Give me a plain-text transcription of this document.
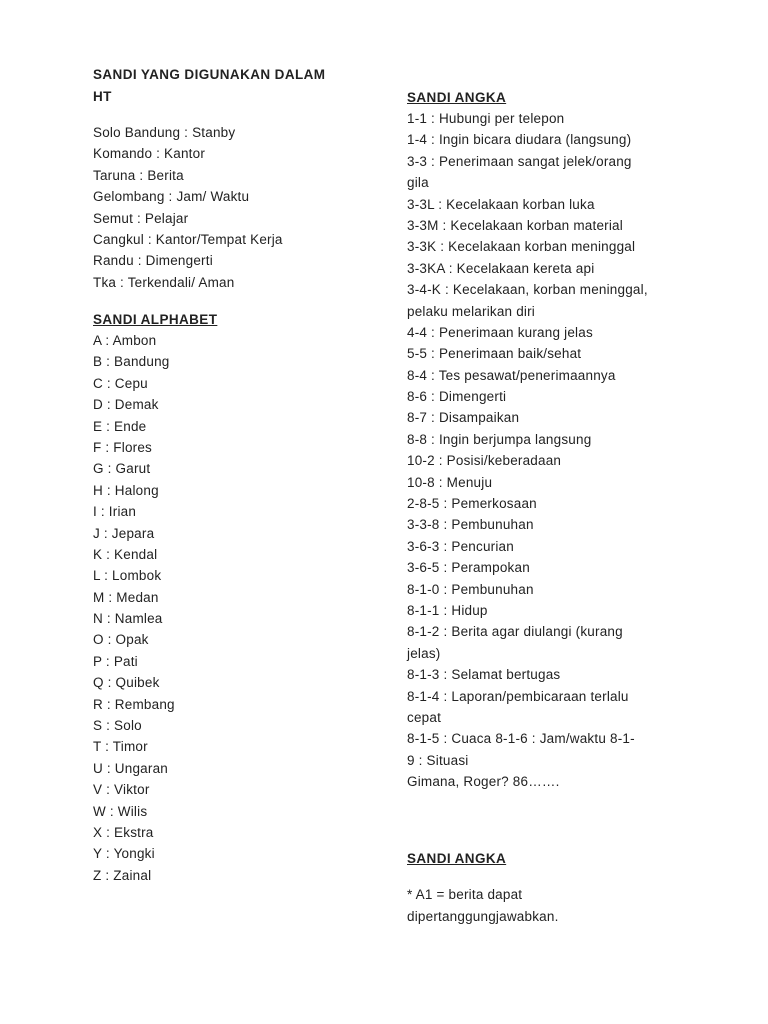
SANDI YANG DIGUNAKAN DALAM
HT
Solo Bandung : Stanby
Komando : Kantor
Taruna : Berita
Gelombang : Jam/ Waktu
Semut : Pelajar
Cangkul : Kantor/Tempat Kerja
Randu : Dimengerti
Tka : Terkendali/ Aman
SANDI ALPHABET
A : Ambon
B : Bandung
C : Cepu
D : Demak
E : Ende
F : Flores
G : Garut
H : Halong
I : Irian
J : Jepara
K : Kendal
L : Lombok
M : Medan
N : Namlea
O : Opak
P : Pati
Q : Quibek
R : Rembang
S : Solo
T : Timor
U : Ungaran
V : Viktor
W : Wilis
X : Ekstra
Y : Yongki
Z : Zainal
SANDI ANGKA
1-1 : Hubungi per telepon
1-4 : Ingin bicara diudara (langsung)
3-3 : Penerimaan sangat jelek/orang
gila
3-3L : Kecelakaan korban luka
3-3M : Kecelakaan korban material
3-3K : Kecelakaan korban meninggal
3-3KA : Kecelakaan kereta api
3-4-K : Kecelakaan, korban meninggal,
pelaku melarikan diri
4-4 : Penerimaan kurang jelas
5-5 : Penerimaan baik/sehat
8-4 : Tes pesawat/penerimaannya
8-6 : Dimengerti
8-7 : Disampaikan
8-8 : Ingin berjumpa langsung
10-2 : Posisi/keberadaan
10-8 : Menuju
2-8-5 : Pemerkosaan
3-3-8 : Pembunuhan
3-6-3 : Pencurian
3-6-5 : Perampokan
8-1-0 : Pembunuhan
8-1-1 : Hidup
8-1-2 : Berita agar diulangi (kurang
jelas)
8-1-3 : Selamat bertugas
8-1-4 : Laporan/pembicaraan terlalu
cepat
8-1-5 : Cuaca 8-1-6 : Jam/waktu 8-1-
9 : Situasi
Gimana, Roger? 86…….
SANDI ANGKA
* A1 = berita dapat
dipertanggungjawabkan.
